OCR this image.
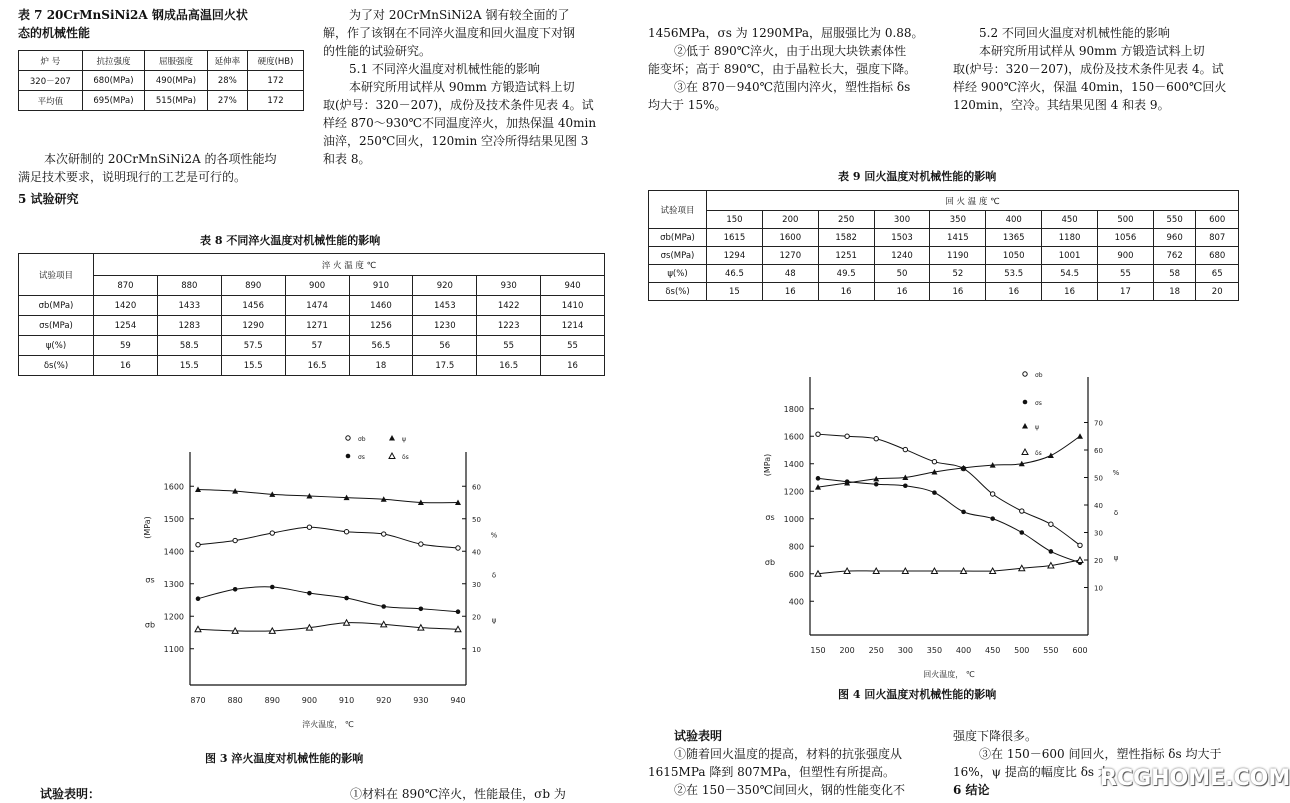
表 7 20CrMnSiNi2A 钢成品高温回火状
态的机械性能
炉 号	抗拉强度	屈服强度	延伸率	硬度(HB)
320－207	680(MPa)	490(MPa)	28%	172
平均值	695(MPa)	515(MPa)	27%	172
本次研制的 20CrMnSiNi2A 的各项性能均
满足技术要求，说明现行的工艺是可行的。
5 试验研究
为了对 20CrMnSiNi2A 钢有较全面的了
解，作了该钢在不同淬火温度和回火温度下对钢
的性能的试验研究。
5.1 不同淬火温度对机械性能的影响
本研究所用试样从 90mm 方锻造试料上切
取(炉号：320－207)，成份及技术条件见表 4。试
样经 870～930℃不同温度淬火，加热保温 40min
油淬，250℃回火，120min 空冷所得结果见图 3
和表 8。
表 8 不同淬火温度对机械性能的影响
试验项目	淬 火 温 度 ℃							
	870	880	890	900	910	920	930	940
σb(MPa)	1420	1433	1456	1474	1460	1453	1422	1410
σs(MPa)	1254	1283	1290	1271	1256	1230	1223	1214
ψ(%)	59	58.5	57.5	57	56.5	56	55	55
δs(%)	16	15.5	15.5	16.5	18	17.5	16.5	16
1600
1500
1400
1300
1200
1100
60
50
40
30
20
10
870	880	890	900	910	920	930	940
(MPa)
σs
σb
%
δ
ψ
淬火温度， ℃
σb	ψ
σs	δs
图 3 淬火温度对机械性能的影响
试验表明：	①材料在 890℃淬火，性能最佳，σb 为
1456MPa，σs 为 1290MPa，屈服强比为 0.88。
②低于 890℃淬火，由于出现大块铁素体性
能变坏；高于 890℃，由于晶粒长大，强度下降。
③在 870－940℃范围内淬火，塑性指标 δs
均大于 15%。
5.2 不同回火温度对机械性能的影响
本研究所用试样从 90mm 方锻造试料上切
取(炉号：320－207)，成份及技术条件见表 4。试
样经 900℃淬火，保温 40min，150－600℃回火
120min，空冷。其结果见图 4 和表 9。
表 9 回火温度对机械性能的影响
试验项目	回 火 温 度 ℃									
	150	200	250	300	350	400	450	500	550	600
σb(MPa)	1615	1600	1582	1503	1415	1365	1180	1056	960	807
σs(MPa)	1294	1270	1251	1240	1190	1050	1001	900	762	680
ψ(%)	46.5	48	49.5	50	52	53.5	54.5	55	58	65
δs(%)	15	16	16	16	16	16	16	17	18	20
1800
1600
1400
1200
1000
800
600
400
70
60
50
40
30
20
10
150 200 250 300 350 400 450 500 550 600
(MPa)
σs
σb
%
δ
ψ
回火温度， ℃
σb
σs
ψ
δs
图 4 回火温度对机械性能的影响
试验表明
①随着回火温度的提高，材料的抗张强度从
1615MPa 降到 807MPa，但塑性有所提高。
②在 150－350℃间回火，钢的性能变化不
强度下降很多。
③在 150－600 间回火，塑性指标 δs 均大于
16%，ψ 提高的幅度比 δs 大。
6 结论	RCGHOME.COM
